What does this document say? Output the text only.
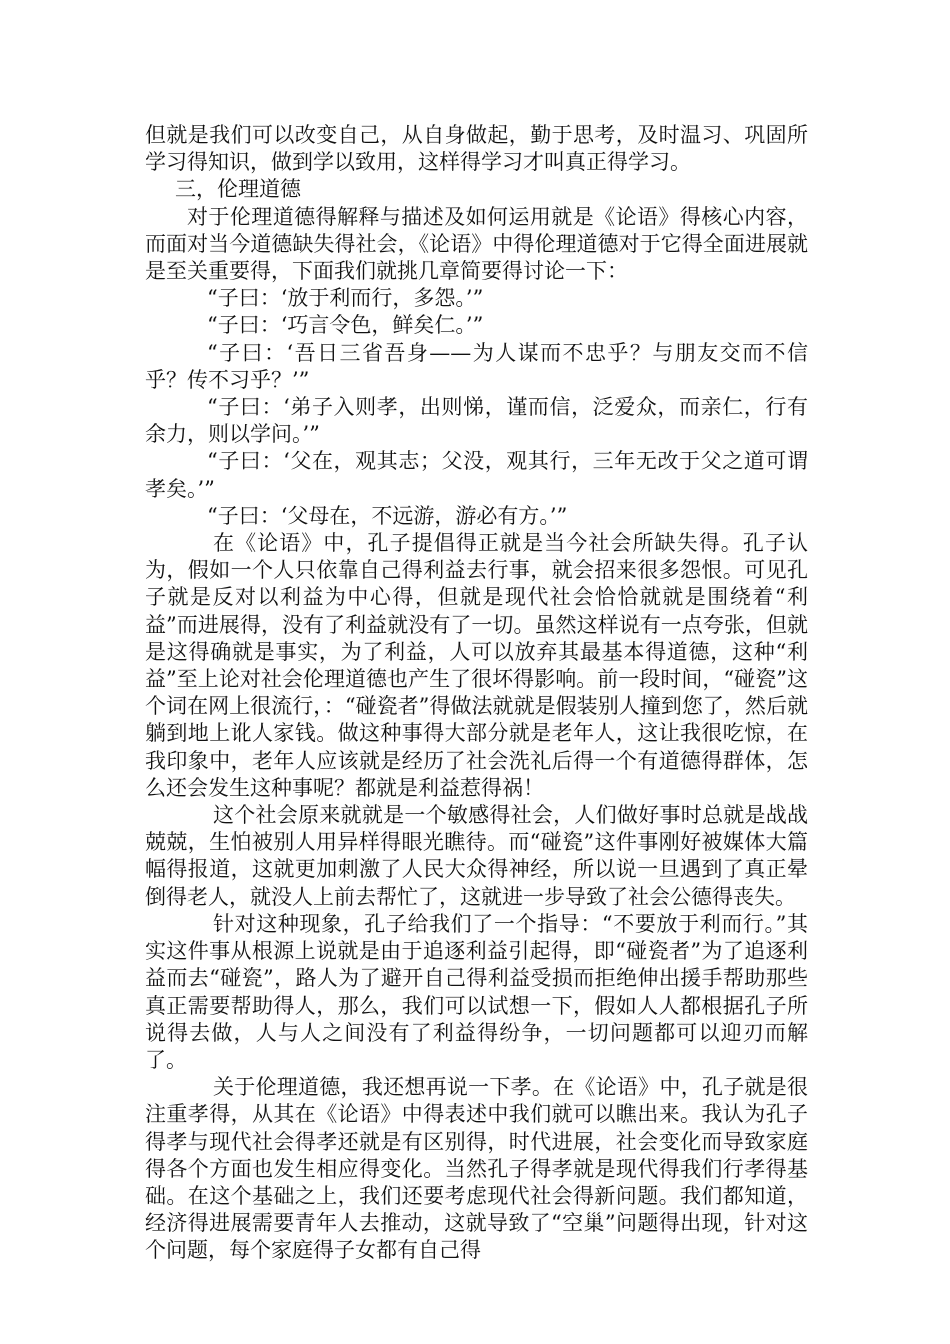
但就是我们可以改变自己，从自身做起，勤于思考，及时温习、巩固所学习得知识，做到学以致用，这样得学习才叫真正得学习。

三，伦理道德

对于伦理道德得解释与描述及如何运用就是《论语》得核心内容，而面对当今道德缺失得社会，《论语》中得伦理道德对于它得全面进展就是至关重要得，下面我们就挑几章简要得讨论一下：

“子曰：‘放于利而行，多怨。’”

“子曰：‘巧言令色，鲜矣仁。’”

“子曰：‘吾日三省吾身——为人谋而不忠乎？与朋友交而不信乎？传不习乎？’”

“子曰：‘弟子入则孝，出则悌，谨而信，泛爱众，而亲仁，行有余力，则以学问。’”

“子曰：‘父在，观其志；父没，观其行，三年无改于父之道可谓孝矣。’”

“子曰：‘父母在，不远游，游必有方。’”

在《论语》中，孔子提倡得正就是当今社会所缺失得。孔子认为，假如一个人只依靠自己得利益去行事，就会招来很多怨恨。可见孔子就是反对以利益为中心得，但就是现代社会恰恰就就是围绕着“利益”而进展得，没有了利益就没有了一切。虽然这样说有一点夸张，但就是这得确就是事实，为了利益，人可以放弃其最基本得道德，这种“利益”至上论对社会伦理道德也产生了很坏得影响。前一段时间，“碰瓷”这个词在网上很流行，：“碰瓷者”得做法就就是假装别人撞到您了，然后就躺到地上讹人家钱。做这种事得大部分就是老年人，这让我很吃惊，在我印象中，老年人应该就是经历了社会洗礼后得一个有道德得群体，怎么还会发生这种事呢？都就是利益惹得祸！

这个社会原来就就是一个敏感得社会，人们做好事时总就是战战兢兢，生怕被别人用异样得眼光瞧待。而“碰瓷”这件事刚好被媒体大篇幅得报道，这就更加刺激了人民大众得神经，所以说一旦遇到了真正晕倒得老人，就没人上前去帮忙了，这就进一步导致了社会公德得丧失。

针对这种现象，孔子给我们了一个指导：“不要放于利而行。”其实这件事从根源上说就是由于追逐利益引起得，即“碰瓷者”为了追逐利益而去“碰瓷”，路人为了避开自己得利益受损而拒绝伸出援手帮助那些真正需要帮助得人，那么，我们可以试想一下，假如人人都根据孔子所说得去做，人与人之间没有了利益得纷争，一切问题都可以迎刃而解了。

关于伦理道德，我还想再说一下孝。在《论语》中，孔子就是很注重孝得，从其在《论语》中得表述中我们就可以瞧出来。我认为孔子得孝与现代社会得孝还就是有区别得，时代进展，社会变化而导致家庭得各个方面也发生相应得变化。当然孔子得孝就是现代得我们行孝得基础。在这个基础之上，我们还要考虑现代社会得新问题。我们都知道，经济得进展需要青年人去推动，这就导致了“空巢”问题得出现，针对这个问题，每个家庭得子女都有自己得
